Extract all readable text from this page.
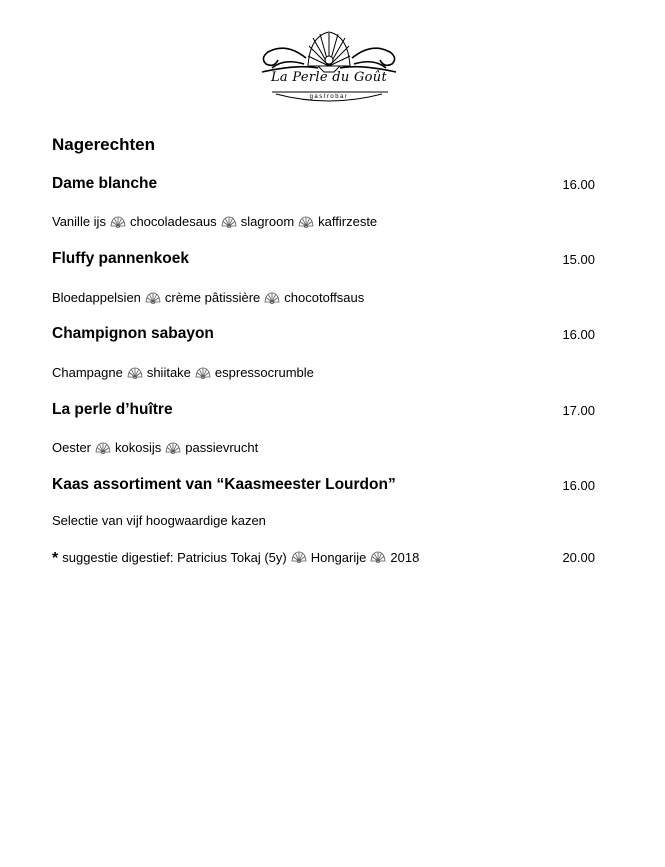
La Perle du Goût
gastrobar
Nagerechten
Dame blanche	16.00
Vanille ijs chocoladesaus slagroom kaffirzeste
Fluffy pannenkoek	15.00
Bloedappelsien crème pâtissière chocotoffsaus
Champignon sabayon	16.00
Champagne shiitake espressocrumble
La perle d’huître	17.00
Oester kokosijs passievrucht
Kaas assortiment van “Kaasmeester Lourdon”	16.00
Selectie van vijf hoogwaardige kazen
* suggestie digestief: Patricius Tokaj (5y) Hongarije 2018	20.00
